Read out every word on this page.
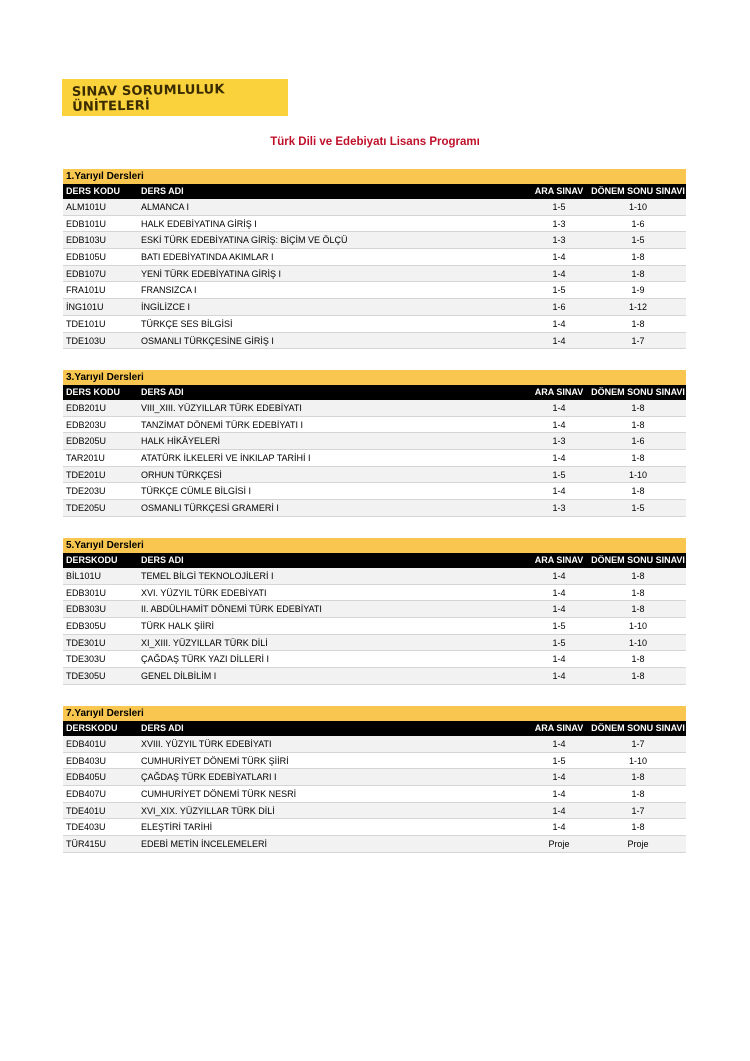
SINAV SORUMLULUK ÜNİTELERİ
Türk Dili ve Edebiyatı Lisans Programı
1.Yarıyıl Dersleri
DERS KODU	DERS ADI	ARA SINAV DÖNEM SONU SINAVI
ALM101U	ALMANCA I	1-5	1-10
EDB101U	HALK EDEBİYATINA GİRİŞ I	1-3	1-6
EDB103U	ESKİ TÜRK EDEBİYATINA GİRİŞ: BİÇİM VE ÖLÇÜ	1-3	1-5
EDB105U	BATI EDEBİYATINDA AKIMLAR I	1-4	1-8
EDB107U	YENİ TÜRK EDEBİYATINA GİRİŞ I	1-4	1-8
FRA101U	FRANSIZCA I	1-5	1-9
İNG101U	İNGİLİZCE I	1-6	1-12
TDE101U	TÜRKÇE SES BİLGİSİ	1-4	1-8
TDE103U	OSMANLI TÜRKÇESİNE GİRİŞ I	1-4	1-7
3.Yarıyıl Dersleri
DERS KODU	DERS ADI	ARA SINAV DÖNEM SONU SINAVI
EDB201U	VIII_XIII. YÜZYILLAR TÜRK EDEBİYATI	1-4	1-8
EDB203U	TANZİMAT DÖNEMİ TÜRK EDEBİYATI I	1-4	1-8
EDB205U	HALK HİKÂYELERİ	1-3	1-6
TAR201U	ATATÜRK İLKELERİ VE İNKILAP TARİHİ I	1-4	1-8
TDE201U	ORHUN TÜRKÇESİ	1-5	1-10
TDE203U	TÜRKÇE CÜMLE BİLGİSİ I	1-4	1-8
TDE205U	OSMANLI TÜRKÇESİ GRAMERİ I	1-3	1-5
5.Yarıyıl Dersleri
DERSKODU	DERS ADI	ARA SINAV DÖNEM SONU SINAVI
BİL101U	TEMEL BİLGİ TEKNOLOJİLERİ I	1-4	1-8
EDB301U	XVI. YÜZYIL TÜRK EDEBİYATI	1-4	1-8
EDB303U	II. ABDÜLHAMİT DÖNEMİ TÜRK EDEBİYATI	1-4	1-8
EDB305U	TÜRK HALK ŞİİRİ	1-5	1-10
TDE301U	XI_XIII. YÜZYILLAR TÜRK DİLİ	1-5	1-10
TDE303U	ÇAĞDAŞ TÜRK YAZI DİLLERİ I	1-4	1-8
TDE305U	GENEL DİLBİLİM I	1-4	1-8
7.Yarıyıl Dersleri
DERSKODU	DERS ADI	ARA SINAV DÖNEM SONU SINAVI
EDB401U	XVIII. YÜZYIL TÜRK EDEBİYATI	1-4	1-7
EDB403U	CUMHURİYET DÖNEMİ TÜRK ŞİİRİ	1-5	1-10
EDB405U	ÇAĞDAŞ TÜRK EDEBİYATLARI I	1-4	1-8
EDB407U	CUMHURİYET DÖNEMİ TÜRK NESRİ	1-4	1-8
TDE401U	XVI_XIX. YÜZYILLAR TÜRK DİLİ	1-4	1-7
TDE403U	ELEŞTİRİ TARİHİ	1-4	1-8
TÜR415U	EDEBİ METİN İNCELEMELERİ	Proje	Proje
